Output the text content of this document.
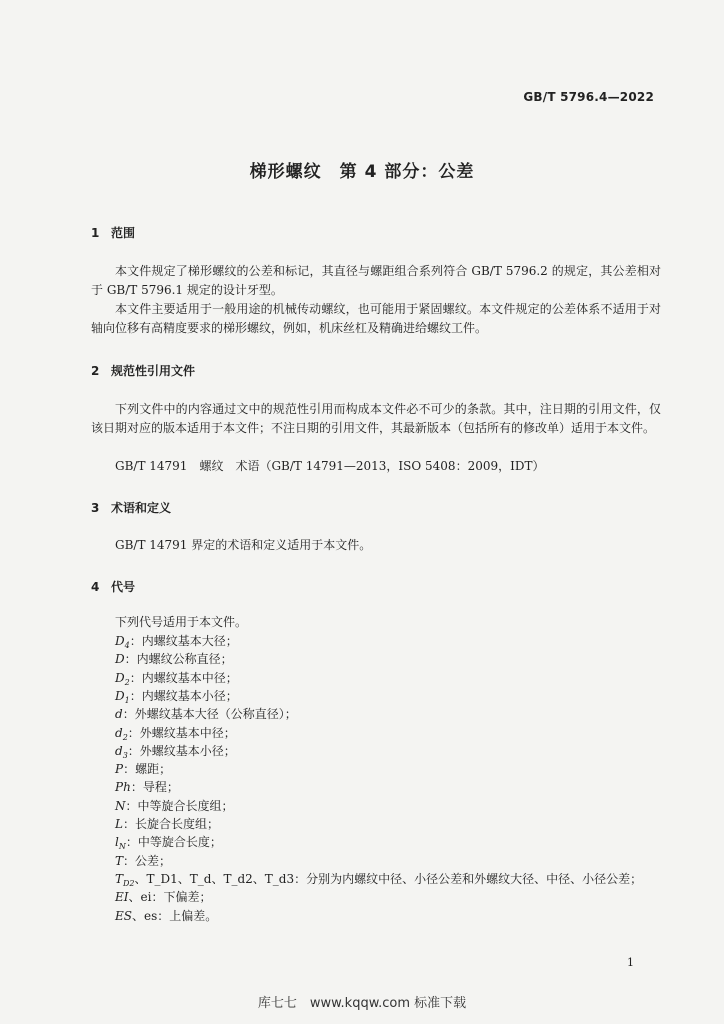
GB/T 5796.4—2022
梯形螺纹　第 4 部分：公差
1 范围
本文件规定了梯形螺纹的公差和标记，其直径与螺距组合系列符合 GB/T 5796.2 的规定，其公差相对于 GB/T 5796.1 规定的设计牙型。
本文件主要适用于一般用途的机械传动螺纹，也可能用于紧固螺纹。本文件规定的公差体系不适用于对轴向位移有高精度要求的梯形螺纹，例如，机床丝杠及精确进给螺纹工件。
2 规范性引用文件
下列文件中的内容通过文中的规范性引用而构成本文件必不可少的条款。其中，注日期的引用文件，仅该日期对应的版本适用于本文件；不注日期的引用文件，其最新版本（包括所有的修改单）适用于本文件。
GB/T 14791　螺纹　术语（GB/T 14791—2013，ISO 5408：2009，IDT）
3 术语和定义
GB/T 14791 界定的术语和定义适用于本文件。
4 代号
下列代号适用于本文件。
$D_4$：内螺纹基本大径；
D：内螺纹公称直径；
$D_2$：内螺纹基本中径；
$D_1$：内螺纹基本小径；
d：外螺纹基本大径（公称直径）；
$d_2$：外螺纹基本中径；
$d_3$：外螺纹基本小径；
P：螺距；
Ph：导程；
N：中等旋合长度组；
L：长旋合长度组；
$l_N$：中等旋合长度；
T：公差；
$T_{D2}$、T_D1、T_d、T_d2、T_d3：分别为内螺纹中径、小径公差和外螺纹大径、中径、小径公差；
EI、ei：下偏差；
ES、es：上偏差。
1
库七七　www.kqqw.com 标准下载
